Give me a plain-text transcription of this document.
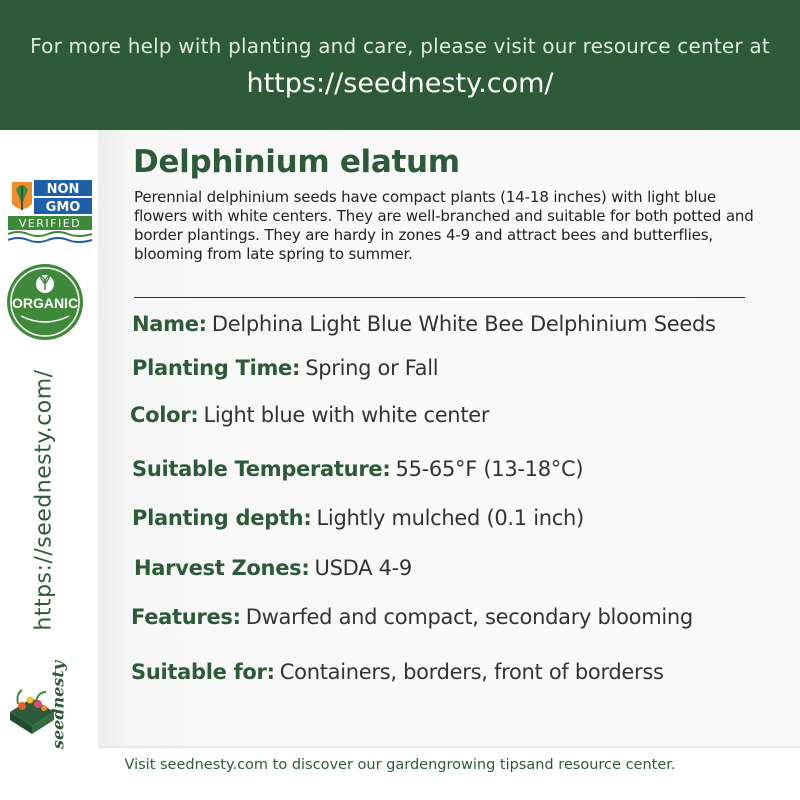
For more help with planting and care, please visit our resource center at
https://seednesty.com/
NON
GMO
VERIFIED
ORGANIC
https://seednesty.com/
seednesty
Delphinium elatum
Perennial delphinium seeds have compact plants (14-18 inches) with light blue flowers with white centers. They are well-branched and suitable for both potted and border plantings. They are hardy in zones 4-9 and attract bees and butterflies, blooming from late spring to summer.
Name: Delphina Light Blue White Bee Delphinium Seeds
Planting Time: Spring or Fall
Color: Light blue with white center
Suitable Temperature: 55-65°F (13-18°C)
Planting depth: Lightly mulched (0.1 inch)
Harvest Zones: USDA 4-9
Features: Dwarfed and compact, secondary blooming
Suitable for: Containers, borders, front of borderss
Visit seednesty.com to discover our gardengrowing tipsand resource center.
